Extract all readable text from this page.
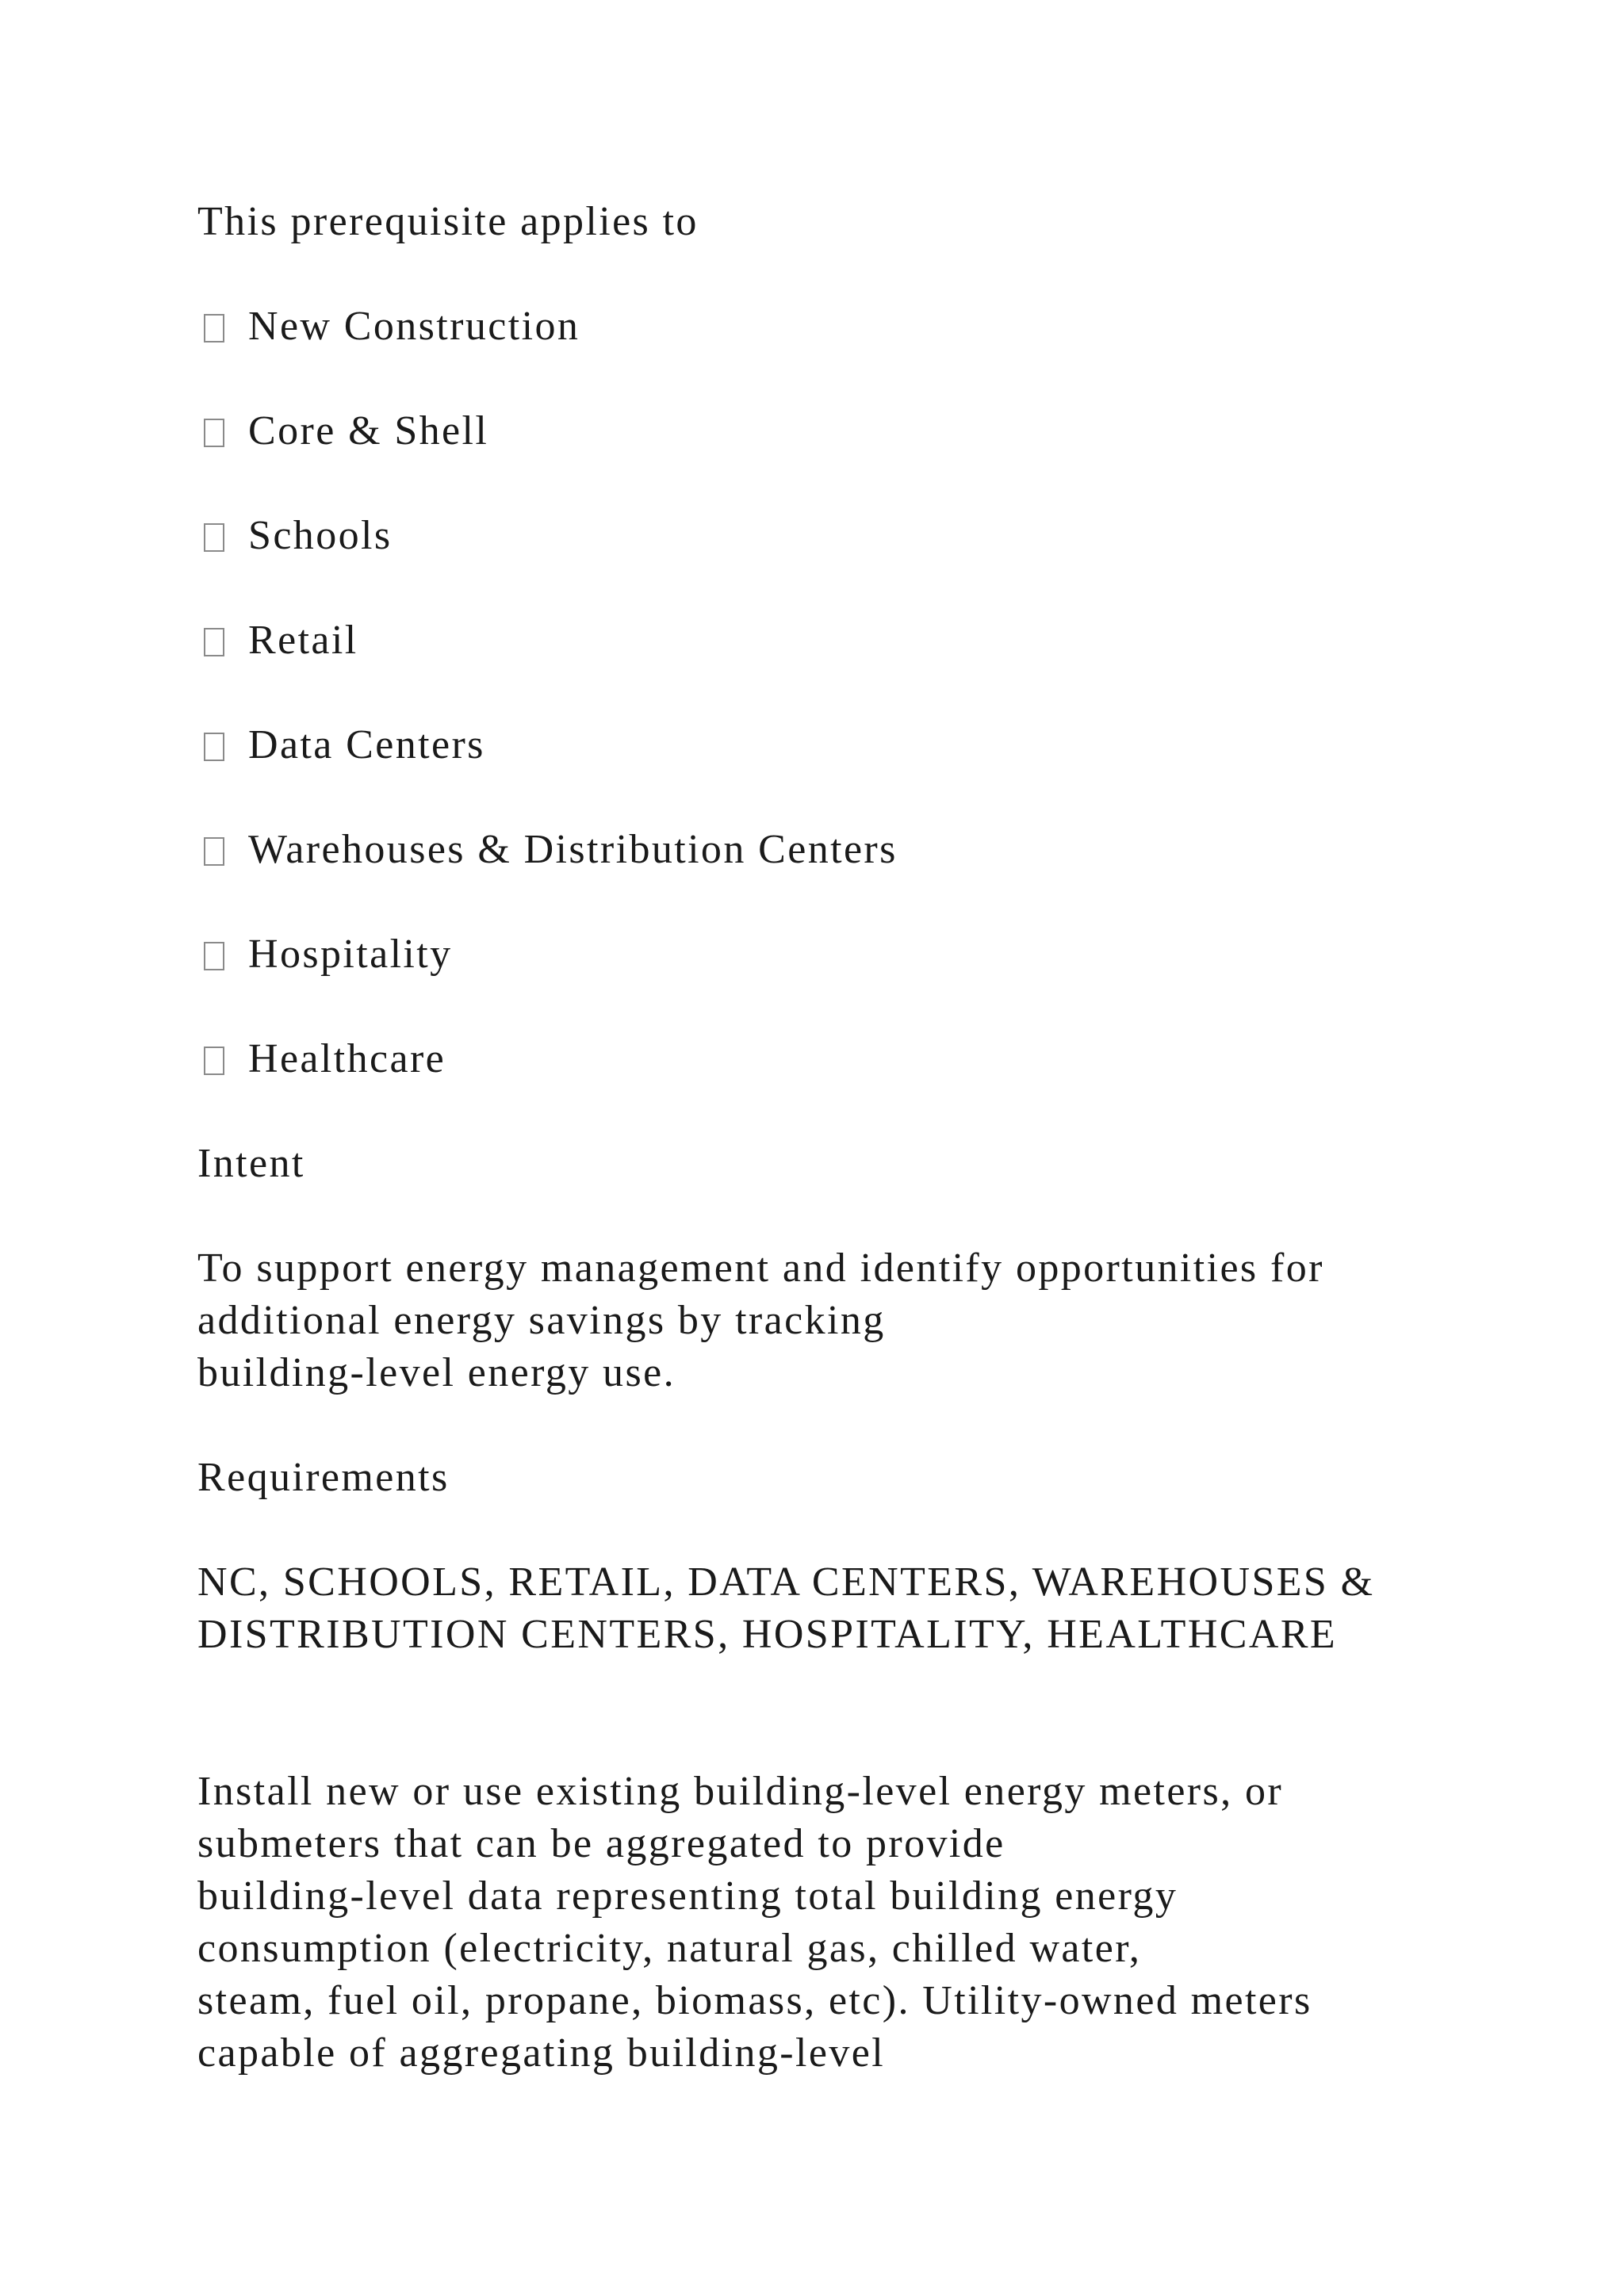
This prerequisite applies to

New Construction

Core & Shell

Schools

Retail

Data Centers

Warehouses & Distribution Centers

Hospitality

Healthcare

Intent

To support energy management and identify opportunities for
additional energy savings by tracking
building-level energy use.

Requirements

NC, SCHOOLS, RETAIL, DATA CENTERS, WAREHOUSES &
DISTRIBUTION CENTERS, HOSPITALITY, HEALTHCARE
Install new or use existing building-level energy meters, or
submeters that can be aggregated to provide
building-level data representing total building energy
consumption (electricity, natural gas, chilled water,
steam, fuel oil, propane, biomass, etc). Utility-owned meters
capable of aggregating building-level
